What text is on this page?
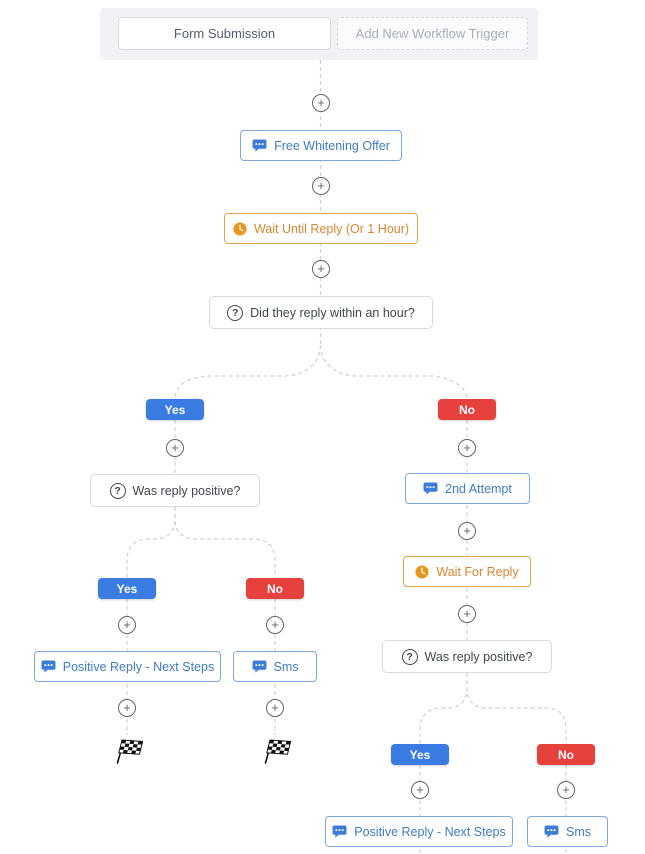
Form Submission	Add New Workflow Trigger
+
+
+
+
+	+
+	+
+
+
+
+	+
Free Whitening Offer
Wait Until Reply (Or 1 Hour)
? Did they reply within an hour?
Yes	No
? Was reply positive?	2nd Attempt
Wait For Reply
Yes	No
Positive Reply - Next Steps	Sms
? Was reply positive?
Yes	No
Positive Reply - Next Steps	Sms
